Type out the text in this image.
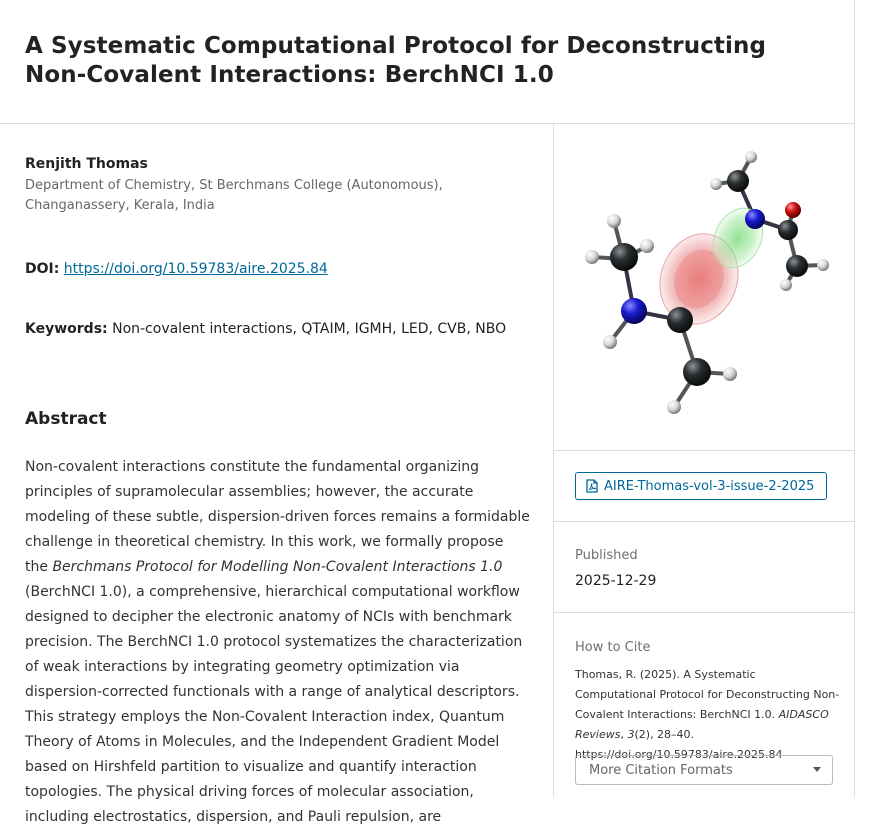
A Systematic Computational Protocol for Deconstructing Non-Covalent Interactions: BerchNCI 1.0
Renjith Thomas
Department of Chemistry, St Berchmans College (Autonomous), Changanassery, Kerala, India
DOI: https://doi.org/10.59783/aire.2025.84
Keywords: Non-covalent interactions, QTAIM, IGMH, LED, CVB, NBO
Abstract

Non-covalent interactions constitute the fundamental organizing principles of supramolecular assemblies; however, the accurate modeling of these subtle, dispersion-driven forces remains a formidable challenge in theoretical chemistry. In this work, we formally propose the Berchmans Protocol for Modelling Non-Covalent Interactions 1.0 (BerchNCI 1.0), a comprehensive, hierarchical computational workflow designed to decipher the electronic anatomy of NCIs with benchmark precision. The BerchNCI 1.0 protocol systematizes the characterization of weak interactions by integrating geometry optimization via dispersion-corrected functionals with a range of analytical descriptors. This strategy employs the Non-Covalent Interaction index, Quantum Theory of Atoms in Molecules, and the Independent Gradient Model based on Hirshfeld partition to visualize and quantify interaction topologies. The physical driving forces of molecular association, including electrostatics, dispersion, and Pauli repulsion, are

AIRE-Thomas-vol-3-issue-2-2025
Published
2025-12-29
How to Cite
Thomas, R. (2025). A Systematic Computational Protocol for Deconstructing Non-Covalent Interactions: BerchNCI 1.0. AIDASCO Reviews, 3(2), 28–40. https://doi.org/10.59783/aire.2025.84
More Citation Formats
